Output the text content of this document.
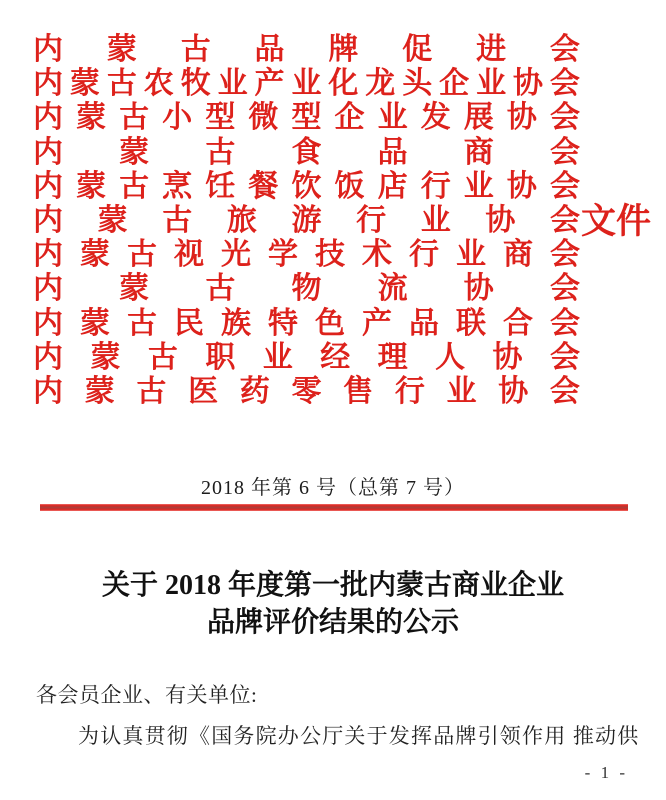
内 蒙 古 品 牌 促 进 会
内 蒙 古 农 牧 业 产 业 化 龙 头 企 业 协 会
内 蒙 古 小 型 微 型 企 业 发 展 协 会
内 蒙 古 食 品 商 会
内 蒙 古 烹 饪 餐 饮 饭 店 行 业 协 会
内 蒙 古 旅 游 行 业 协 会
内 蒙 古 视 光 学 技 术 行 业 商 会
内 蒙 古 物 流 协 会
内 蒙 古 民 族 特 色 产 品 联 合 会
内 蒙 古 职 业 经 理 人 协 会
内 蒙 古 医 药 零 售 行 业 协 会
文件
2018 年第 6 号（总第 7 号）
关于 2018 年度第一批内蒙古商业企业
品牌评价结果的公示
各会员企业、有关单位:
为认真贯彻《国务院办公厅关于发挥品牌引领作用 推动供
- 1 -
